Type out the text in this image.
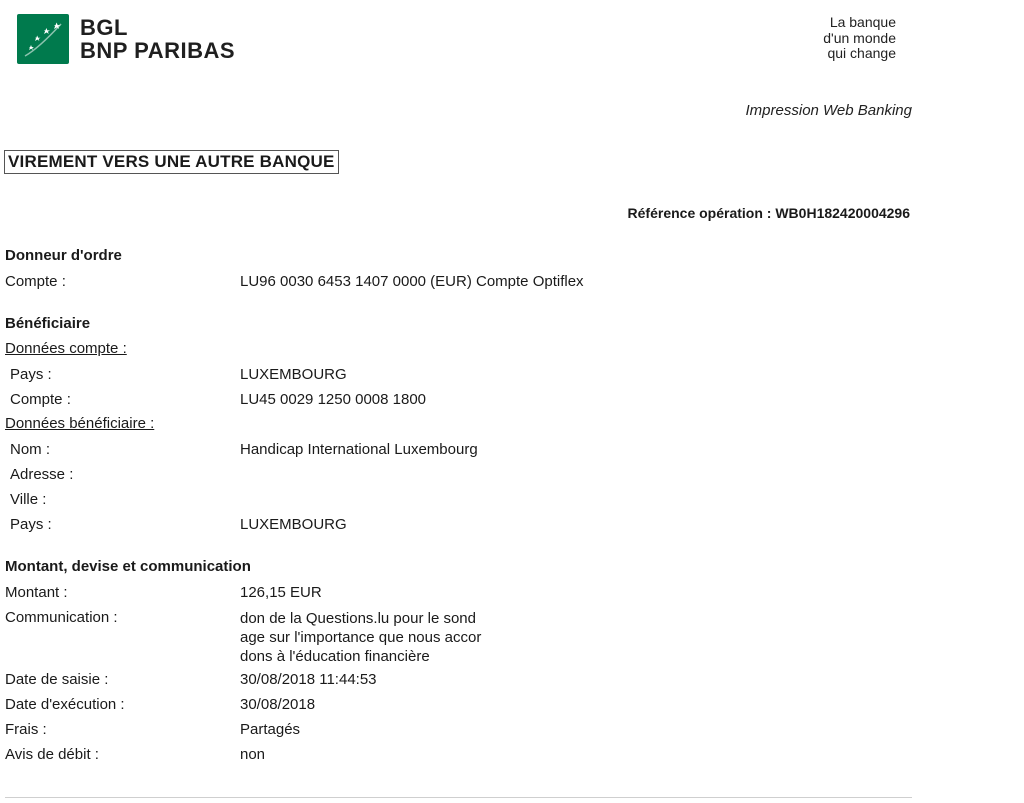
BGL
BNP PARIBAS
La banque
d'un monde
qui change
Impression Web Banking
VIREMENT VERS UNE AUTRE BANQUE
Référence opération : WB0H182420004296
Donneur d'ordre
Compte :	LU96 0030 6453 1407 0000 (EUR) Compte Optiflex
Bénéficiaire
Données compte :
Pays :	LUXEMBOURG
Compte :	LU45 0029 1250 0008 1800
Données bénéficiaire :
Nom :	Handicap International Luxembourg
Adresse :
Ville :
Pays :	LUXEMBOURG
Montant, devise et communication
Montant :	126,15 EUR
Communication :	don de la Questions.lu pour le sond
age sur l'importance que nous accor
dons à l'éducation financière
Date de saisie :	30/08/2018 11:44:53
Date d'exécution :	30/08/2018
Frais :	Partagés
Avis de débit :	non
